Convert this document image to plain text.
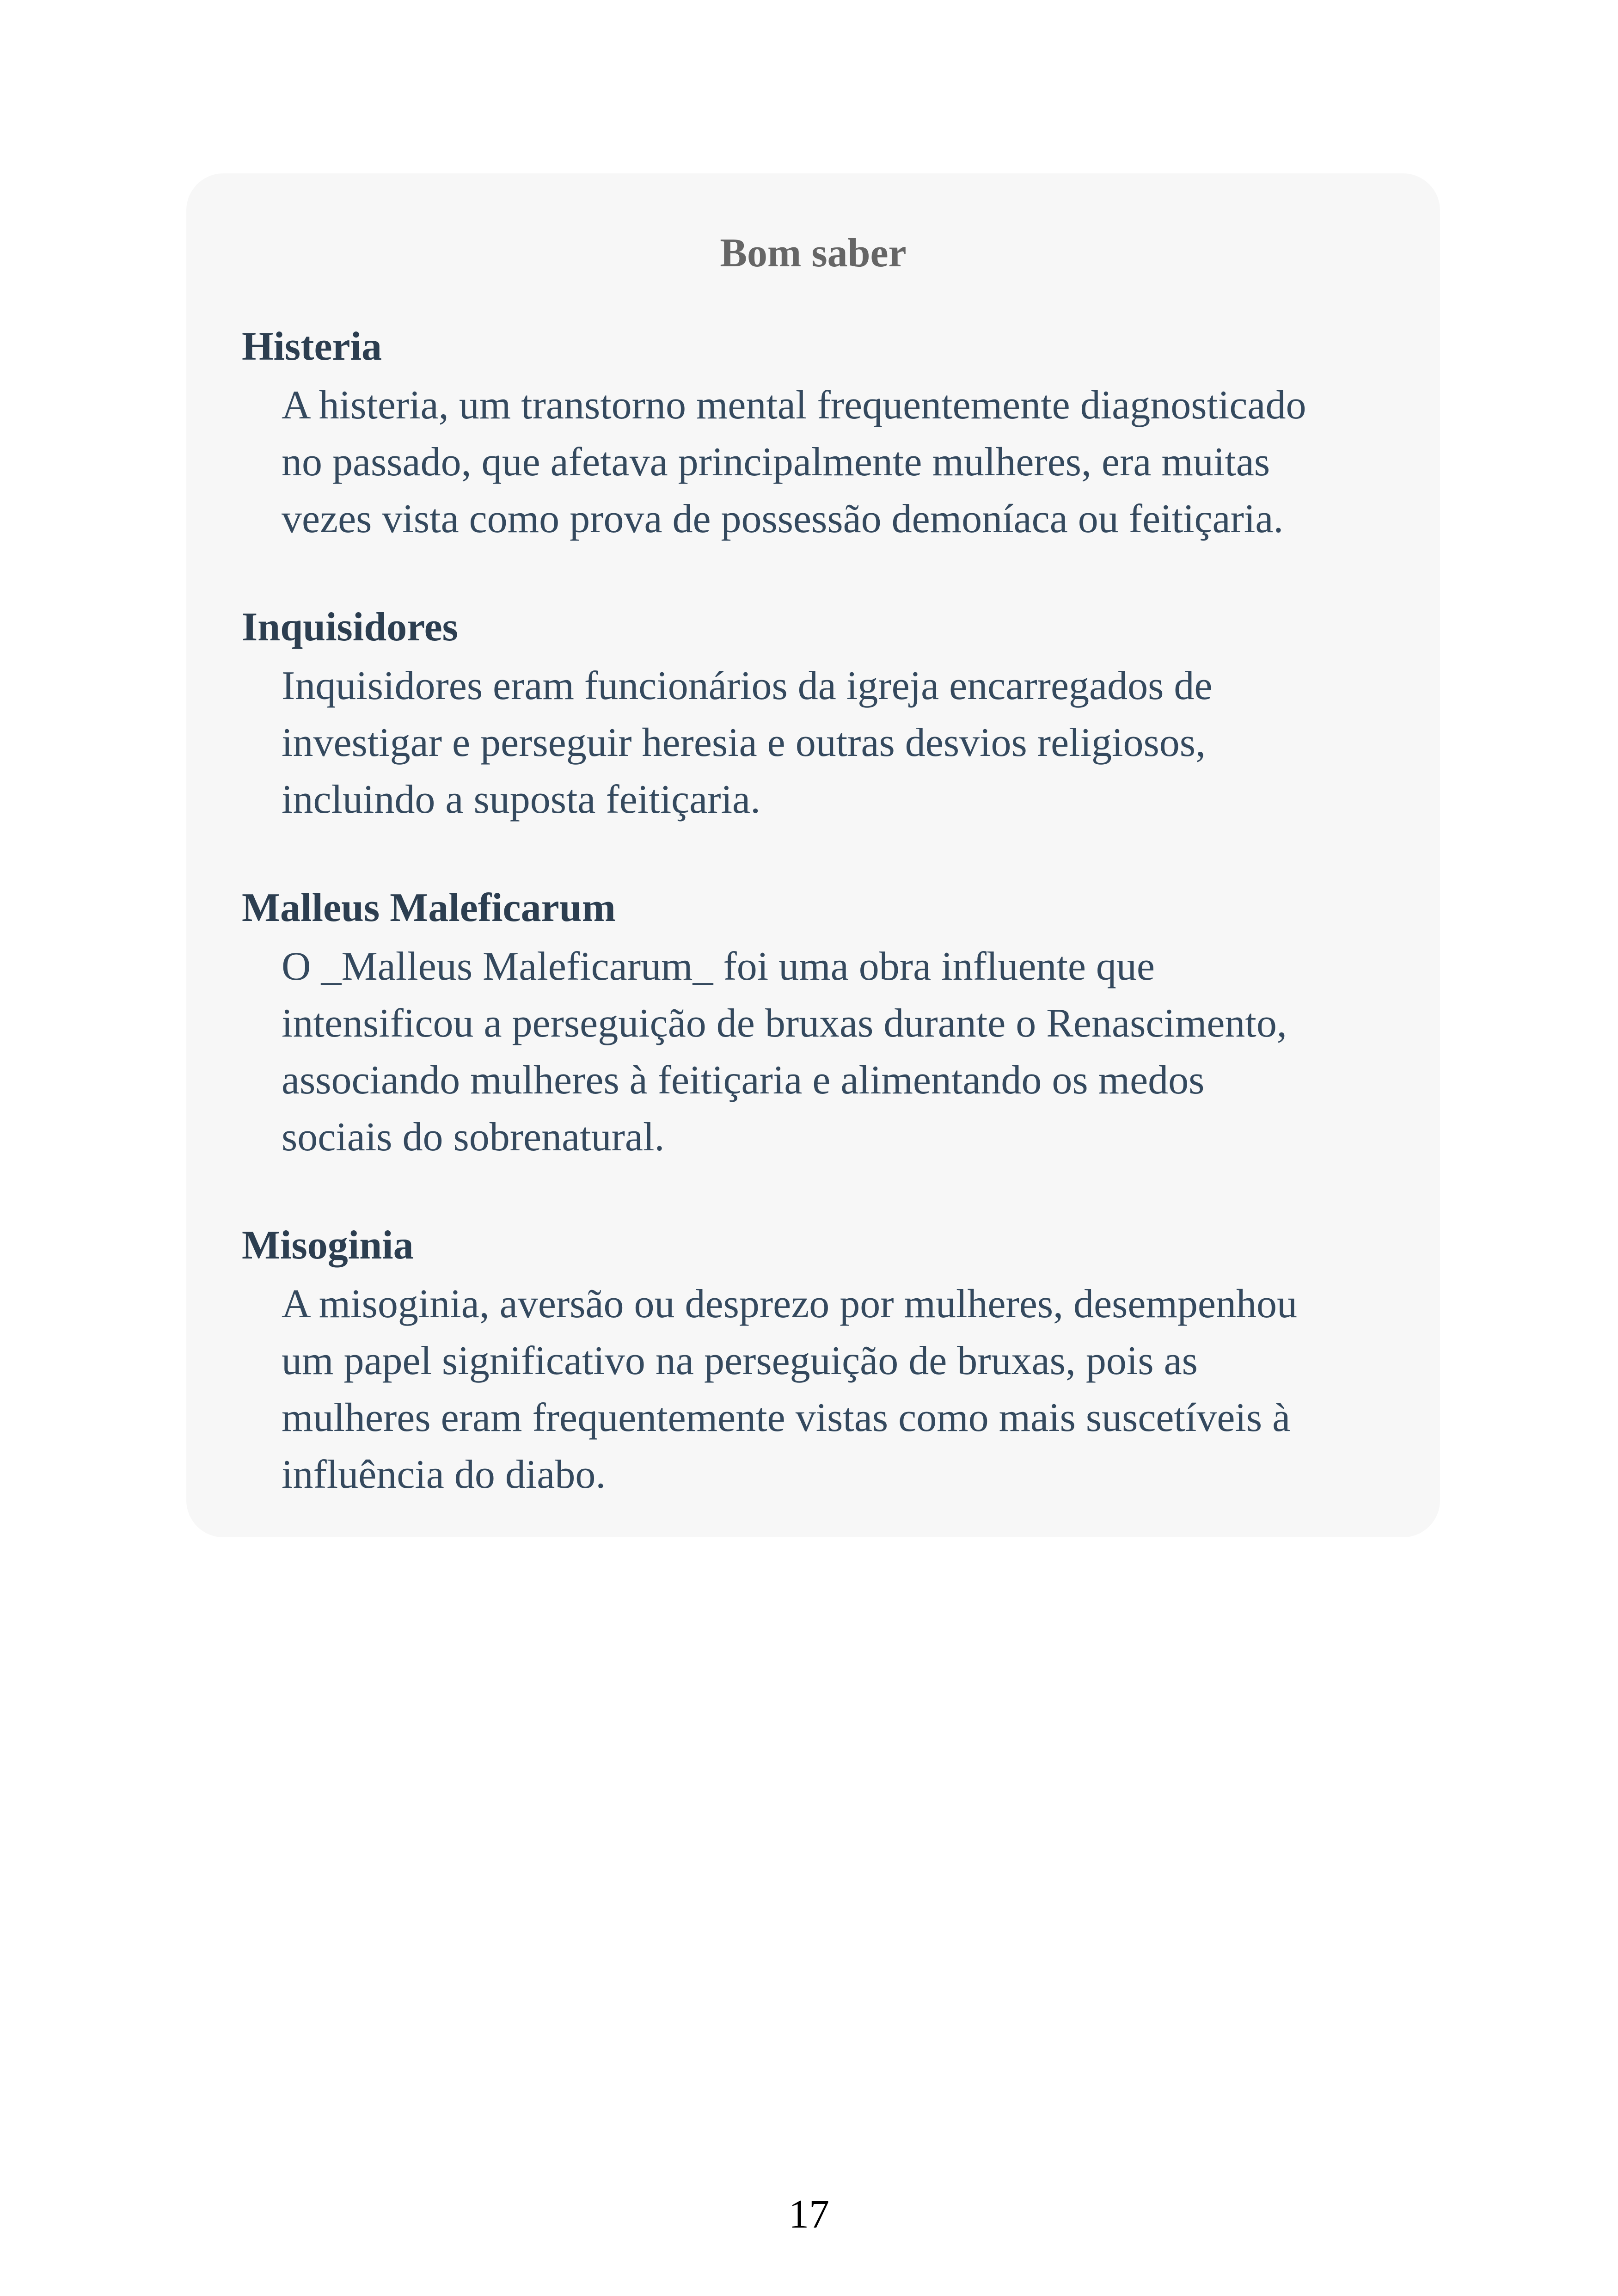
Bom saber

Histeria

A histeria, um transtorno mental frequentemente diagnosticado
no passado, que afetava principalmente mulheres, era muitas
vezes vista como prova de possessão demoníaca ou feitiçaria.

Inquisidores

Inquisidores eram funcionários da igreja encarregados de
investigar e perseguir heresia e outras desvios religiosos,
incluindo a suposta feitiçaria.

Malleus Maleficarum

O _Malleus Maleficarum_ foi uma obra influente que
intensificou a perseguição de bruxas durante o Renascimento,
associando mulheres à feitiçaria e alimentando os medos
sociais do sobrenatural.

Misoginia

A misoginia, aversão ou desprezo por mulheres, desempenhou
um papel significativo na perseguição de bruxas, pois as
mulheres eram frequentemente vistas como mais suscetíveis à
influência do diabo.

17
